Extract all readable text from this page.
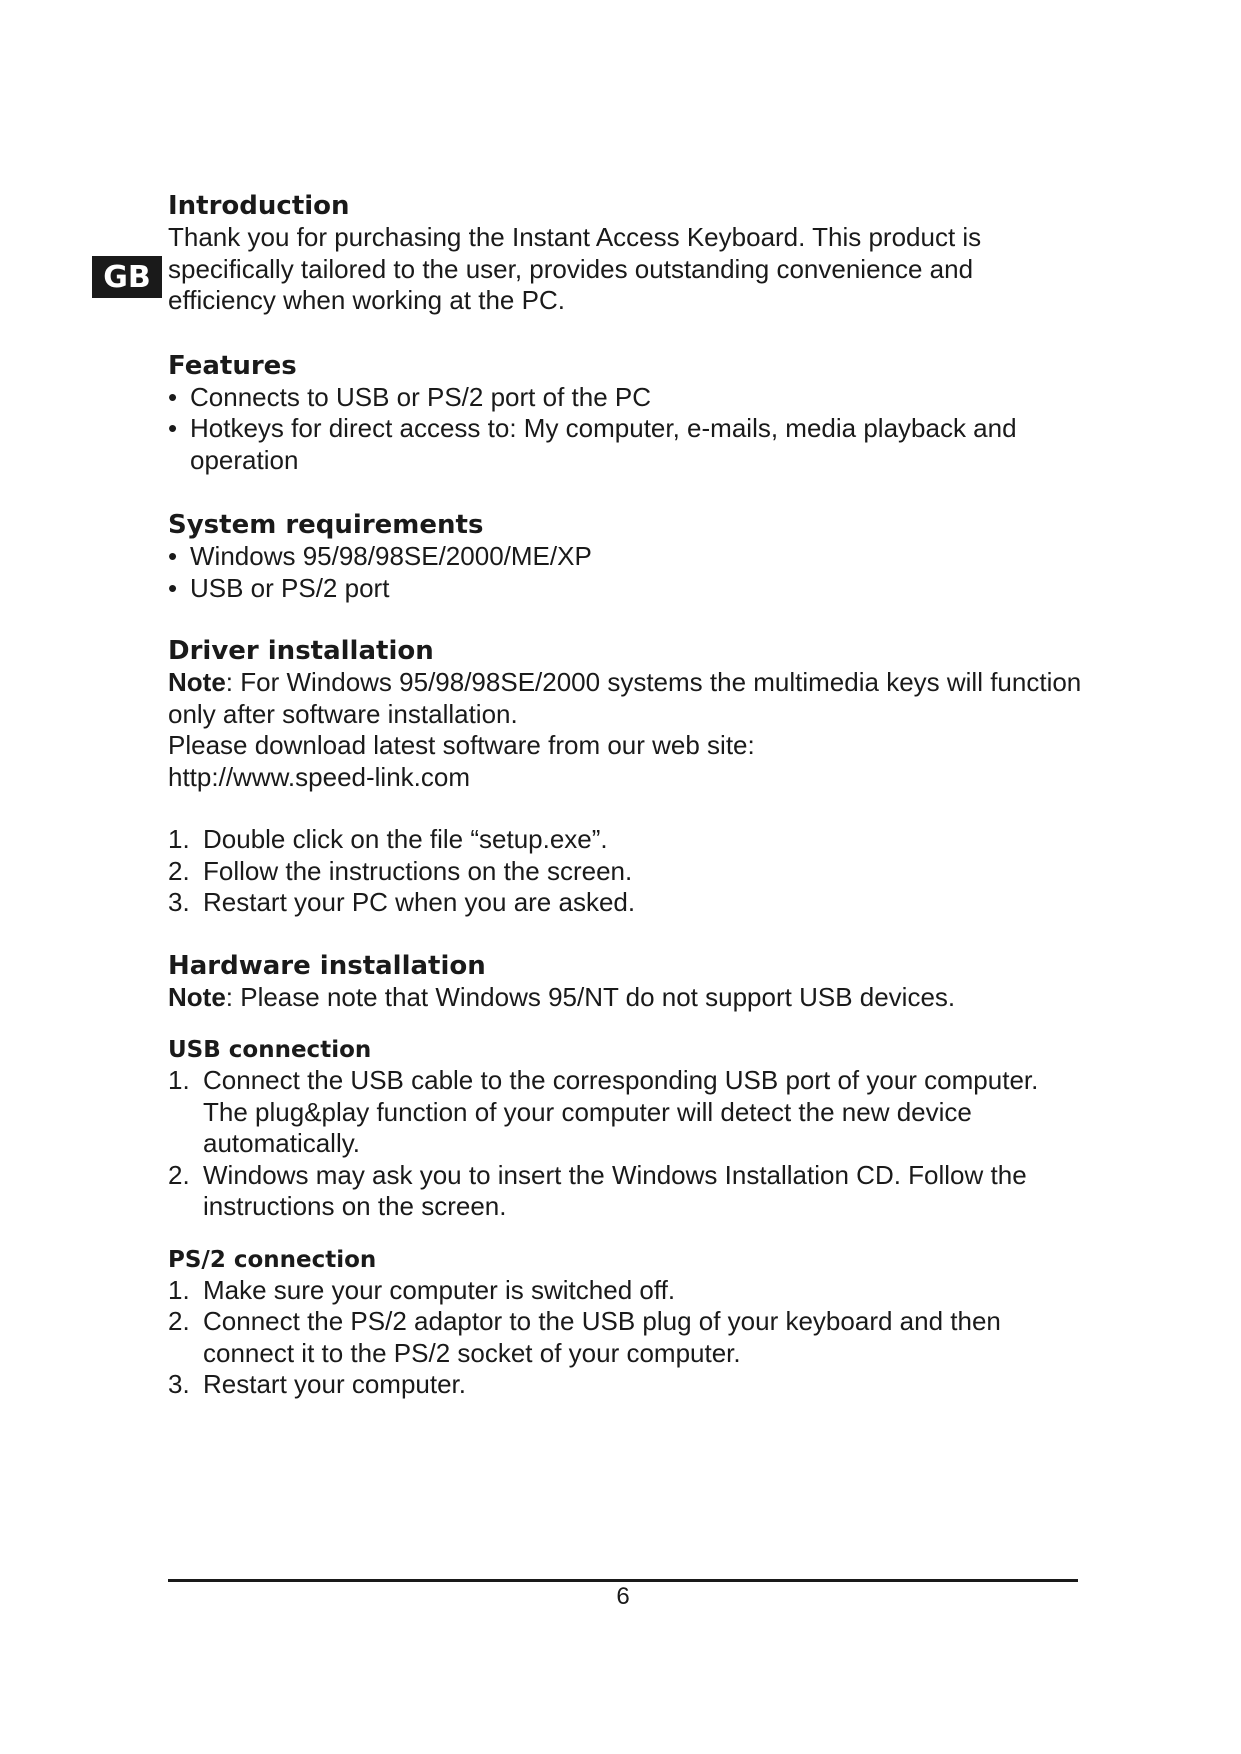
GB
Introduction

Thank you for purchasing the Instant Access Keyboard. This product is specifically tailored to the user, provides outstanding convenience and efficiency when working at the PC.

Features
• Connects to USB or PS/2 port of the PC
• Hotkeys for direct access to: My computer, e-mails, media playback and operation
System requirements
• Windows 95/98/98SE/2000/ME/XP
• USB or PS/2 port
Driver installation

Note: For Windows 95/98/98SE/2000 systems the multimedia keys will function only after software installation.

Please download latest software from our web site:

http://www.speed-link.com

1. Double click on the file “setup.exe”.
2. Follow the instructions on the screen.
3. Restart your PC when you are asked.
Hardware installation

Note: Please note that Windows 95/NT do not support USB devices.

USB connection
1. Connect the USB cable to the corresponding USB port of your computer. The plug&play function of your computer will detect the new device automatically.
2. Windows may ask you to insert the Windows Installation CD. Follow the instructions on the screen.
PS/2 connection
1. Make sure your computer is switched off.
2. Connect the PS/2 adaptor to the USB plug of your keyboard and then connect it to the PS/2 socket of your computer.
3. Restart your computer.
6
